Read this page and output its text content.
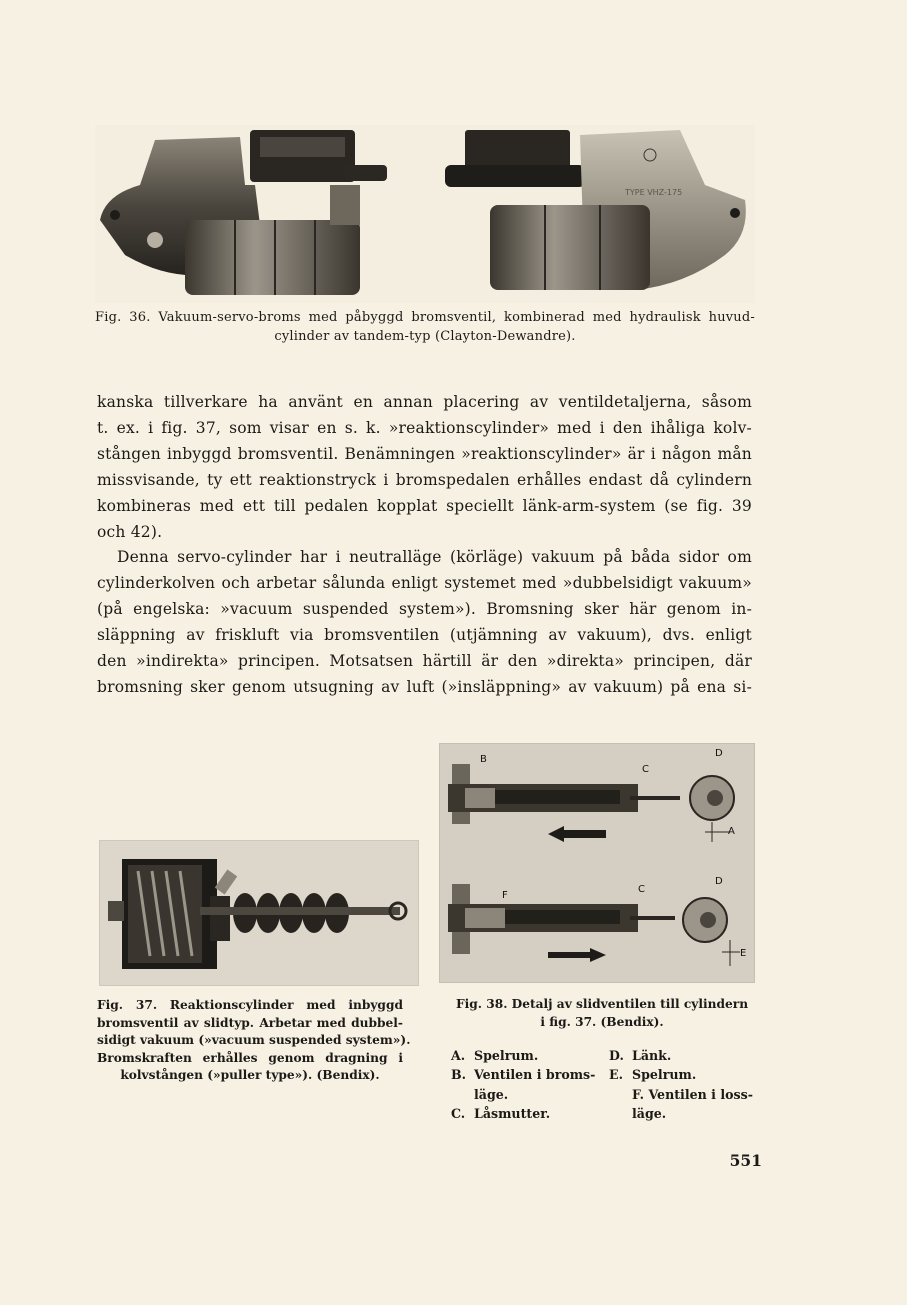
TYPE VHZ-175
Fig. 36. Vakuum-servo-broms med påbyggd bromsventil, kombinerad med hydraulisk huvud-
cylinder av tandem-typ (Clayton-Dewandre).
kanska tillverkare ha använt en annan placering av ventildetaljerna, såsom
t. ex. i fig. 37, som visar en s. k. »reaktionscylinder» med i den ihåliga kolv-
stången inbyggd bromsventil. Benämningen »reaktionscylinder» är i någon mån
missvisande, ty ett reaktionstryck i bromspedalen erhålles endast då cylindern
kombineras med ett till pedalen kopplat speciellt länk-arm-system (se fig. 39
och 42).
Denna servo-cylinder har i neutralläge (körläge) vakuum på båda sidor om
cylinderkolven och arbetar sålunda enligt systemet med »dubbelsidigt vakuum»
(på engelska: »vacuum suspended system»). Bromsning sker här genom in-
släppning av friskluft via bromsventilen (utjämning av vakuum), dvs. enligt
den »indirekta» principen. Motsatsen härtill är den »direkta» principen, där
bromsning sker genom utsugning av luft (»insläppning» av vakuum) på ena si-
B
C
D
A
F
C
D
E
Fig. 37. Reaktionscylinder med inbyggd
bromsventil av slidtyp. Arbetar med dubbel-
sidigt vakuum (»vacuum suspended system»).
Bromskraften erhålles genom dragning i
kolvstången (»puller type»). (Bendix).
Fig. 38. Detalj av slidventilen till cylindern
i fig. 37. (Bendix).
A. Spelrum.
B. Ventilen i broms-
läge.
C. Låsmutter.
D. Länk.
E. Spelrum.
F. Ventilen i loss-
läge.
551
